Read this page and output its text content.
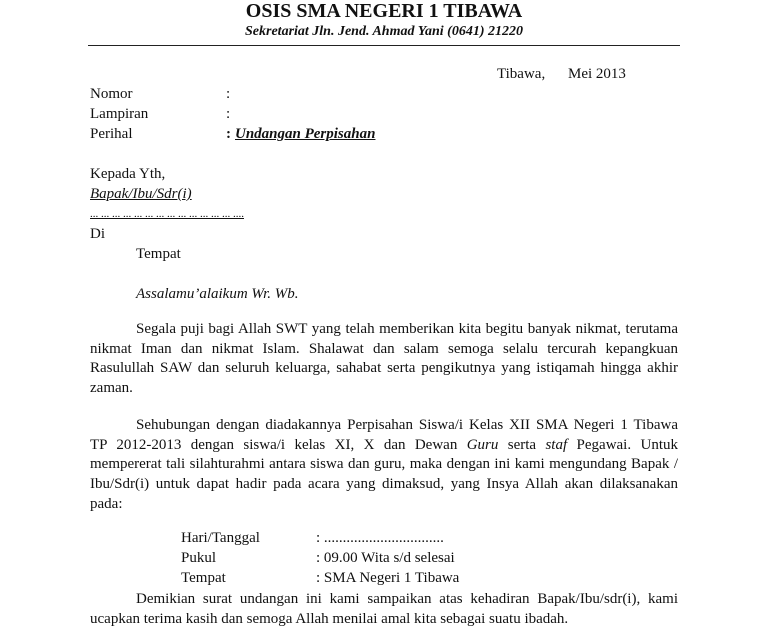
OSIS SMA NEGERI 1 TIBAWA
Sekretariat Jln. Jend. Ahmad Yani (0641) 21220
Tibawa, Mei 2013
Nomor	:
Lampiran	:
Perihal	: Undangan Perpisahan
Kepada Yth,
Bapak/Ibu/Sdr(i)
... ... ... ... ... ... ... ... ... ... ... ... ... ....
Di
Tempat
Assalamu’alaikum Wr. Wb.
Segala puji bagi Allah SWT yang telah memberikan kita begitu banyak nikmat, terutama
nikmat Iman dan nikmat Islam. Shalawat dan salam semoga selalu tercurah kepangkuan
Rasulullah SAW dan seluruh keluarga, sahabat serta pengikutnya yang istiqamah hingga akhir
zaman.
Sehubungan dengan diadakannya Perpisahan Siswa/i Kelas XII SMA Negeri 1 Tibawa
TP 2012-2013 dengan siswa/i kelas XI, X dan Dewan Guru serta staf Pegawai. Untuk
mempererat tali silahturahmi antara siswa dan guru, maka dengan ini kami mengundang Bapak /
Ibu/Sdr(i) untuk dapat hadir pada acara yang dimaksud, yang Insya Allah akan dilaksanakan
pada:
Hari/Tanggal	: ................................
Pukul	: 09.00 Wita s/d selesai
Tempat	: SMA Negeri 1 Tibawa
Demikian surat undangan ini kami sampaikan atas kehadiran Bapak/Ibu/sdr(i), kami
ucapkan terima kasih dan semoga Allah menilai amal kita sebagai suatu ibadah.
